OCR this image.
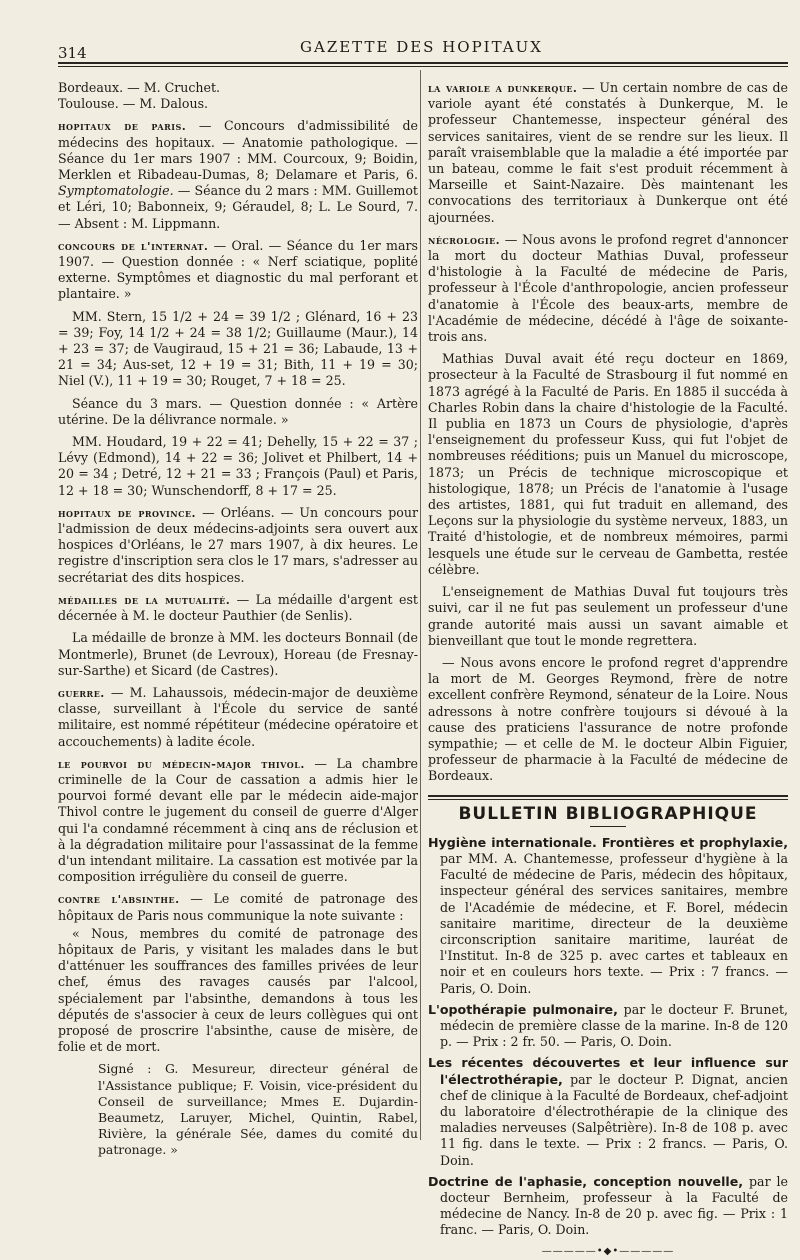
314	GAZETTE DES HOPITAUX

Bordeaux. — M. Cruchet.

Toulouse. — M. Dalous.

hopitaux de paris. — Concours d'admissibilité de médecins des hopitaux. — Anatomie pathologique. — Séance du 1er mars 1907 : MM. Courcoux, 9; Boidin, Merklen et Ribadeau-Dumas, 8; Delamare et Paris, 6. Symptomatologie. — Séance du 2 mars : MM. Guillemot et Léri, 10; Babonneix, 9; Géraudel, 8; L. Le Sourd, 7. — Absent : M. Lippmann.

concours de l'internat. — Oral. — Séance du 1er mars 1907. — Question donnée : « Nerf sciatique, poplité externe. Symptômes et diagnostic du mal perforant et plantaire. »

MM. Stern, 15 1/2 + 24 = 39 1/2 ; Glénard, 16 + 23 = 39; Foy, 14 1/2 + 24 = 38 1/2; Guillaume (Maur.), 14 + 23 = 37; de Vaugiraud, 15 + 21 = 36; Labaude, 13 + 21 = 34; Aus-set, 12 + 19 = 31; Bith, 11 + 19 = 30; Niel (V.), 11 + 19 = 30; Rouget, 7 + 18 = 25.

Séance du 3 mars. — Question donnée : « Artère utérine. De la délivrance normale. »

MM. Houdard, 19 + 22 = 41; Dehelly, 15 + 22 = 37 ; Lévy (Edmond), 14 + 22 = 36; Jolivet et Philbert, 14 + 20 = 34 ; Detré, 12 + 21 = 33 ; François (Paul) et Paris, 12 + 18 = 30; Wunschendorff, 8 + 17 = 25.

hopitaux de province. — Orléans. — Un concours pour l'admission de deux médecins-adjoints sera ouvert aux hospices d'Orléans, le 27 mars 1907, à dix heures. Le registre d'inscription sera clos le 17 mars, s'adresser au secrétariat des dits hospices.

médailles de la mutualité. — La médaille d'argent est décernée à M. le docteur Pauthier (de Senlis).

La médaille de bronze à MM. les docteurs Bonnail (de Montmerle), Brunet (de Levroux), Horeau (de Fresnay-sur-Sarthe) et Sicard (de Castres).

guerre. — M. Lahaussois, médecin-major de deuxième classe, surveillant à l'École du service de santé militaire, est nommé répétiteur (médecine opératoire et accouchements) à ladite école.

le pourvoi du médecin-major thivol. — La chambre criminelle de la Cour de cassation a admis hier le pourvoi formé devant elle par le médecin aide-major Thivol contre le jugement du conseil de guerre d'Alger qui l'a condamné récemment à cinq ans de réclusion et à la dégradation militaire pour l'assassinat de la femme d'un intendant militaire. La cassation est motivée par la composition irrégulière du conseil de guerre.

contre l'absinthe. — Le comité de patronage des hôpitaux de Paris nous communique la note suivante :

« Nous, membres du comité de patronage des hôpitaux de Paris, y visitant les malades dans le but d'atténuer les souffrances des familles privées de leur chef, émus des ravages causés par l'alcool, spécialement par l'absinthe, demandons à tous les députés de s'associer à ceux de leurs collègues qui ont proposé de proscrire l'absinthe, cause de misère, de folie et de mort.

Signé : G. Mesureur, directeur général de l'Assistance publique; F. Voisin, vice-président du Conseil de surveillance; Mmes E. Dujardin-Beaumetz, Laruyer, Michel, Quintin, Rabel, Rivière, la générale Sée, dames du comité du patronage. »

la variole a dunkerque. — Un certain nombre de cas de variole ayant été constatés à Dunkerque, M. le professeur Chantemesse, inspecteur général des services sanitaires, vient de se rendre sur les lieux. Il paraît vraisemblable que la maladie a été importée par un bateau, comme le fait s'est produit récemment à Marseille et Saint-Nazaire. Dès maintenant les convocations des territoriaux à Dunkerque ont été ajournées.

nécrologie. — Nous avons le profond regret d'annoncer la mort du docteur Mathias Duval, professeur d'histologie à la Faculté de médecine de Paris, professeur à l'École d'anthropologie, ancien professeur d'anatomie à l'École des beaux-arts, membre de l'Académie de médecine, décédé à l'âge de soixante-trois ans.

Mathias Duval avait été reçu docteur en 1869, prosecteur à la Faculté de Strasbourg il fut nommé en 1873 agrégé à la Faculté de Paris. En 1885 il succéda à Charles Robin dans la chaire d'histologie de la Faculté. Il publia en 1873 un Cours de physiologie, d'après l'enseignement du professeur Kuss, qui fut l'objet de nombreuses rééditions; puis un Manuel du microscope, 1873; un Précis de technique microscopique et histologique, 1878; un Précis de l'anatomie à l'usage des artistes, 1881, qui fut traduit en allemand, des Leçons sur la physiologie du système nerveux, 1883, un Traité d'histologie, et de nombreux mémoires, parmi lesquels une étude sur le cerveau de Gambetta, restée célèbre.

L'enseignement de Mathias Duval fut toujours très suivi, car il ne fut pas seulement un professeur d'une grande autorité mais aussi un savant aimable et bienveillant que tout le monde regrettera.

— Nous avons encore le profond regret d'apprendre la mort de M. Georges Reymond, frère de notre excellent confrère Reymond, sénateur de la Loire. Nous adressons à notre confrère toujours si dévoué à la cause des praticiens l'assurance de notre profonde sympathie; — et celle de M. le docteur Albin Figuier, professeur de pharmacie à la Faculté de médecine de Bordeaux.

BULLETIN BIBLIOGRAPHIQUE

Hygiène internationale. Frontières et prophylaxie, par MM. A. Chantemesse, professeur d'hygiène à la Faculté de médecine de Paris, médecin des hôpitaux, inspecteur général des services sanitaires, membre de l'Académie de médecine, et F. Borel, médecin sanitaire maritime, directeur de la deuxième circonscription sanitaire maritime, lauréat de l'Institut. In-8 de 325 p. avec cartes et tableaux en noir et en couleurs hors texte. — Prix : 7 francs. — Paris, O. Doin.

L'opothérapie pulmonaire, par le docteur F. Brunet, médecin de première classe de la marine. In-8 de 120 p. — Prix : 2 fr. 50. — Paris, O. Doin.

Les récentes découvertes et leur influence sur l'électrothérapie, par le docteur P. Dignat, ancien chef de clinique à la Faculté de Bordeaux, chef-adjoint du laboratoire d'électrothérapie de la clinique des maladies nerveuses (Salpêtrière). In-8 de 108 p. avec 11 fig. dans le texte. — Prix : 2 francs. — Paris, O. Doin.

Doctrine de l'aphasie, conception nouvelle, par le docteur Bernheim, professeur à la Faculté de médecine de Nancy. In-8 de 20 p. avec fig. — Prix : 1 franc. — Paris, O. Doin.

—————•◆•—————
